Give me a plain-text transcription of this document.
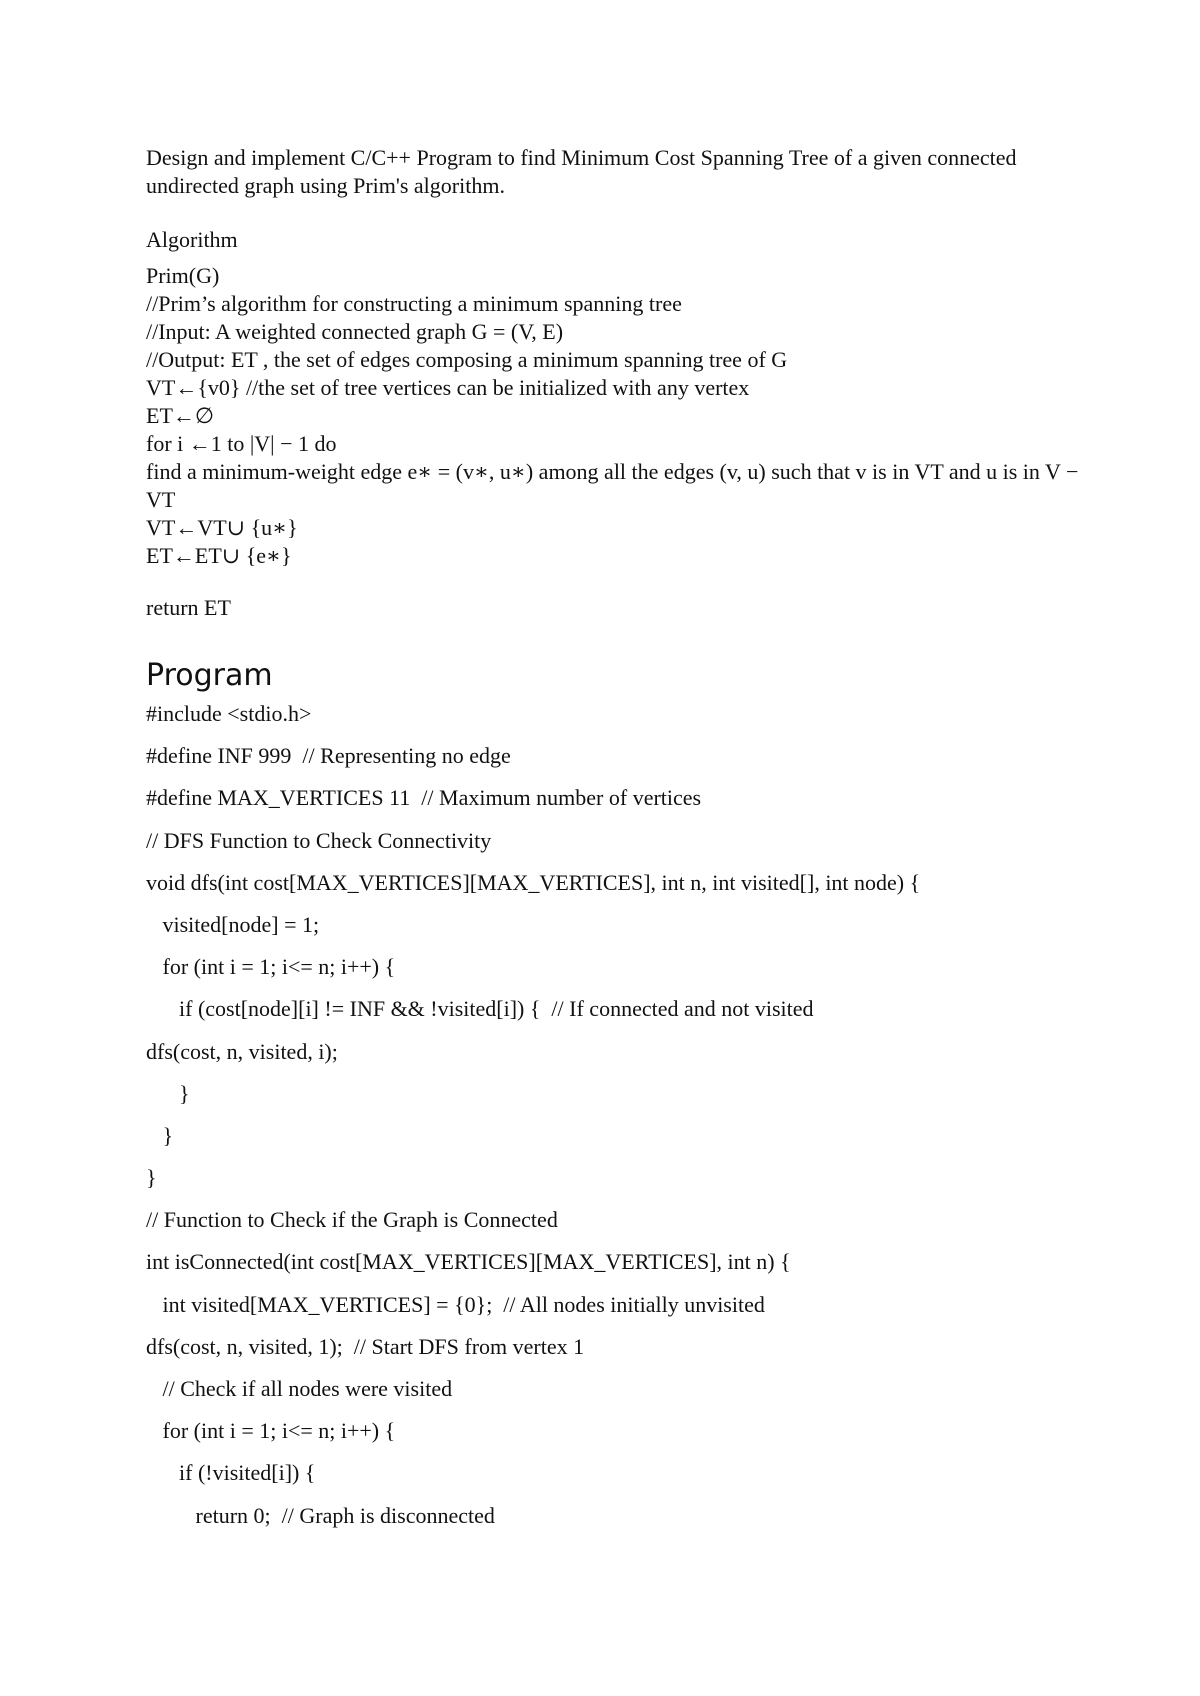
Design and implement C/C++ Program to find Minimum Cost Spanning Tree of a given connected undirected graph using Prim's algorithm.

Algorithm

Prim(G)
//Prim’s algorithm for constructing a minimum spanning tree
//Input: A weighted connected graph G = (V, E)
//Output: ET , the set of edges composing a minimum spanning tree of G
VT←{v0} //the set of tree vertices can be initialized with any vertex
ET←∅
for i ←1 to |V| − 1 do
find a minimum-weight edge e∗ = (v∗, u∗) among all the edges (v, u) such that v is in VT and u is in V − VT
VT←VT∪ {u∗}
ET←ET∪ {e∗}

return ET

Program
#include <stdio.h>
#define INF 999  // Representing no edge
#define MAX_VERTICES 11  // Maximum number of vertices
// DFS Function to Check Connectivity
void dfs(int cost[MAX_VERTICES][MAX_VERTICES], int n, int visited[], int node) {
visited[node] = 1;
for (int i = 1; i<= n; i++) {
if (cost[node][i] != INF && !visited[i]) {  // If connected and not visited
dfs(cost, n, visited, i);
}
}
}
// Function to Check if the Graph is Connected
int isConnected(int cost[MAX_VERTICES][MAX_VERTICES], int n) {
int visited[MAX_VERTICES] = {0};  // All nodes initially unvisited
dfs(cost, n, visited, 1);  // Start DFS from vertex 1
// Check if all nodes were visited
for (int i = 1; i<= n; i++) {
if (!visited[i]) {
return 0;  // Graph is disconnected
